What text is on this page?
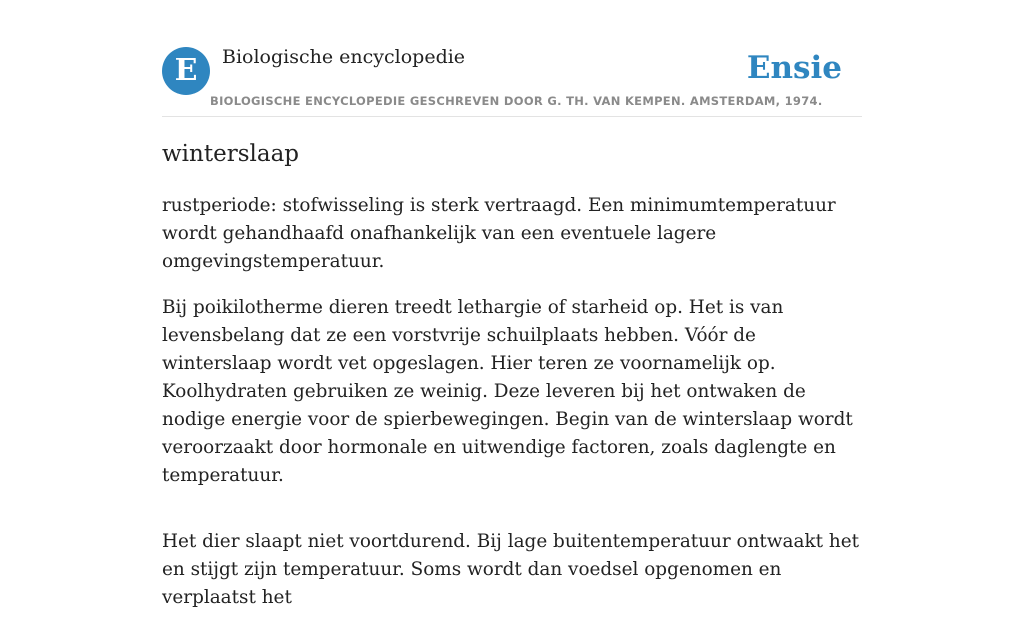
E	Biologische encyclopedie
BIOLOGISCHE ENCYCLOPEDIE GESCHREVEN DOOR G. TH. VAN KEMPEN. AMSTERDAM, 1974.
Ensie
winterslaap

rustperiode: stofwisseling is sterk vertraagd. Een minimumtemperatuur wordt gehandhaafd onafhankelijk van een eventuele lagere omgevingstemperatuur.

Bij poikilotherme dieren treedt lethargie of starheid op. Het is van levensbelang dat ze een vorstvrije schuilplaats hebben. Vóór de winterslaap wordt vet opgeslagen. Hier teren ze voornamelijk op. Koolhydraten gebruiken ze weinig. Deze leveren bij het ontwaken de nodige energie voor de spierbewegingen. Begin van de winterslaap wordt veroorzaakt door hormonale en uitwendige factoren, zoals daglengte en temperatuur.

Het dier slaapt niet voortdurend. Bij lage buitentemperatuur ontwaakt het en stijgt zijn temperatuur. Soms wordt dan voedsel opgenomen en verplaatst het
